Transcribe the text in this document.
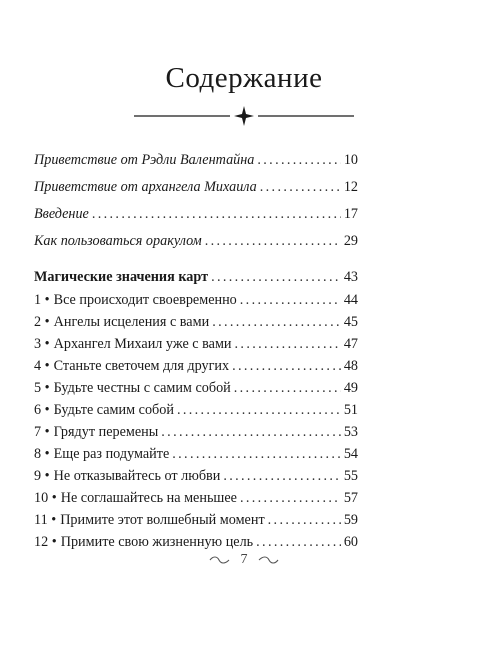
Содержание
Приветствие от Рэдли Валентайна . . .	10
Приветствие от архангела Михаила . . .	12
Введение . . .	17
Как пользоваться оракулом . . .	29
Магические значения карт . . .	43
1 • Все происходит своевременно . . .	44
2 • Ангелы исцеления с вами . . .	45
3 • Архангел Михаил уже с вами . . .	47
4 • Станьте светочем для других . . .	48
5 • Будьте честны с самим собой . . .	49
6 • Будьте самим собой . . .	51
7 • Грядут перемены . . .	53
8 • Еще раз подумайте . . .	54
9 • Не отказывайтесь от любви . . .	55
10 • Не соглашайтесь на меньшее . . .	57
11 • Примите этот волшебный момент . . .	59
12 • Примите свою жизненную цель . . .	60
7
